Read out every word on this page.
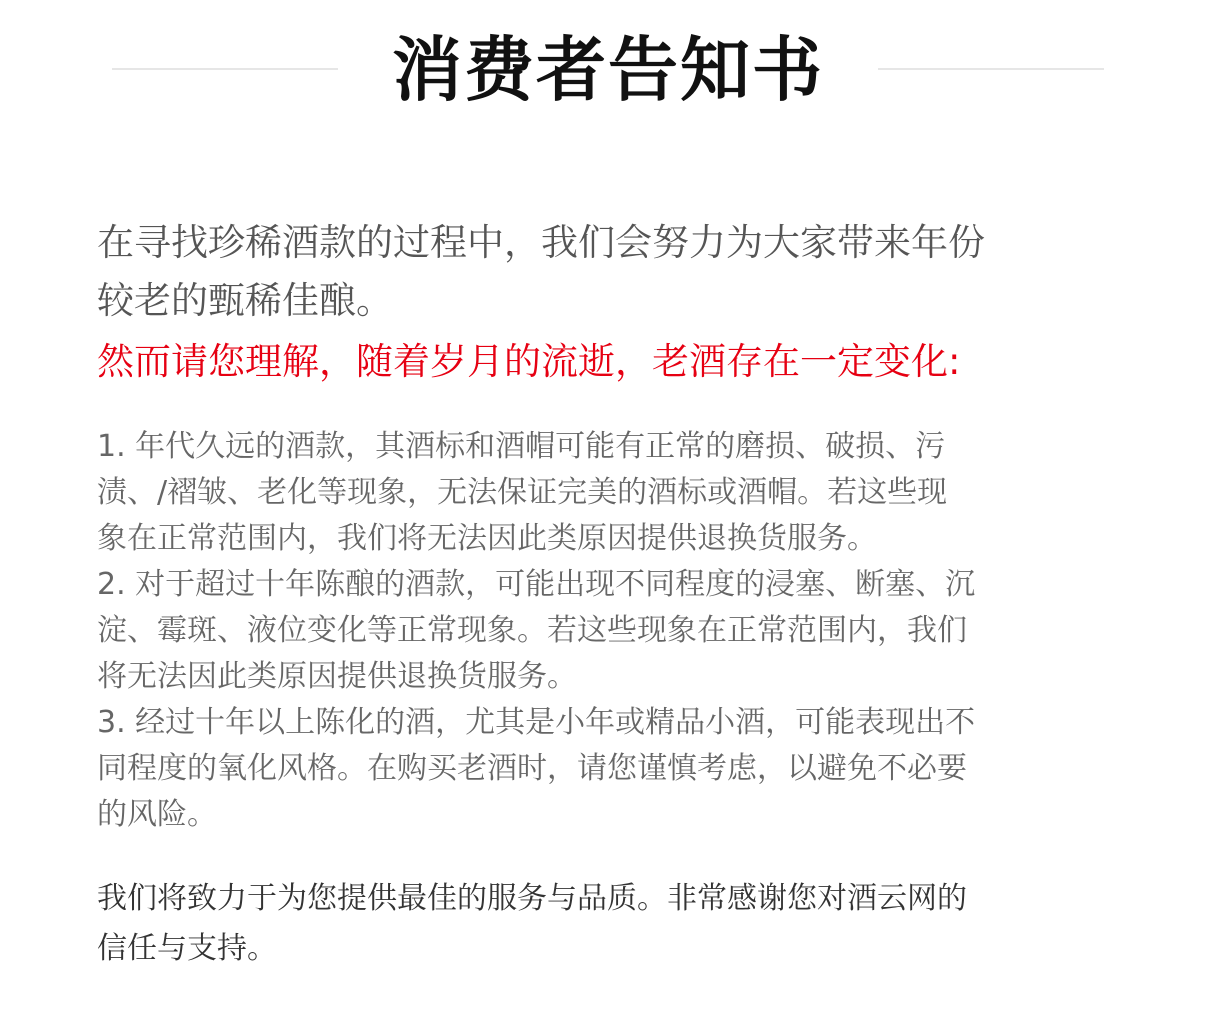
消费者告知书

在寻找珍稀酒款的过程中，我们会努力为大家带来年份
较老的甄稀佳酿。

然而请您理解，随着岁月的流逝，老酒存在一定变化:

1. 年代久远的酒款，其酒标和酒帽可能有正常的磨损、破损、污
渍、/褶皱、老化等现象，无法保证完美的酒标或酒帽。若这些现
象在正常范围内，我们将无法因此类原因提供退换货服务。
2. 对于超过十年陈酿的酒款，可能出现不同程度的浸塞、断塞、沉
淀、霉斑、液位变化等正常现象。若这些现象在正常范围内，我们
将无法因此类原因提供退换货服务。
3. 经过十年以上陈化的酒，尤其是小年或精品小酒，可能表现出不
同程度的氧化风格。在购买老酒时，请您谨慎考虑，以避免不必要
的风险。

我们将致力于为您提供最佳的服务与品质。非常感谢您对酒云网的
信任与支持。
